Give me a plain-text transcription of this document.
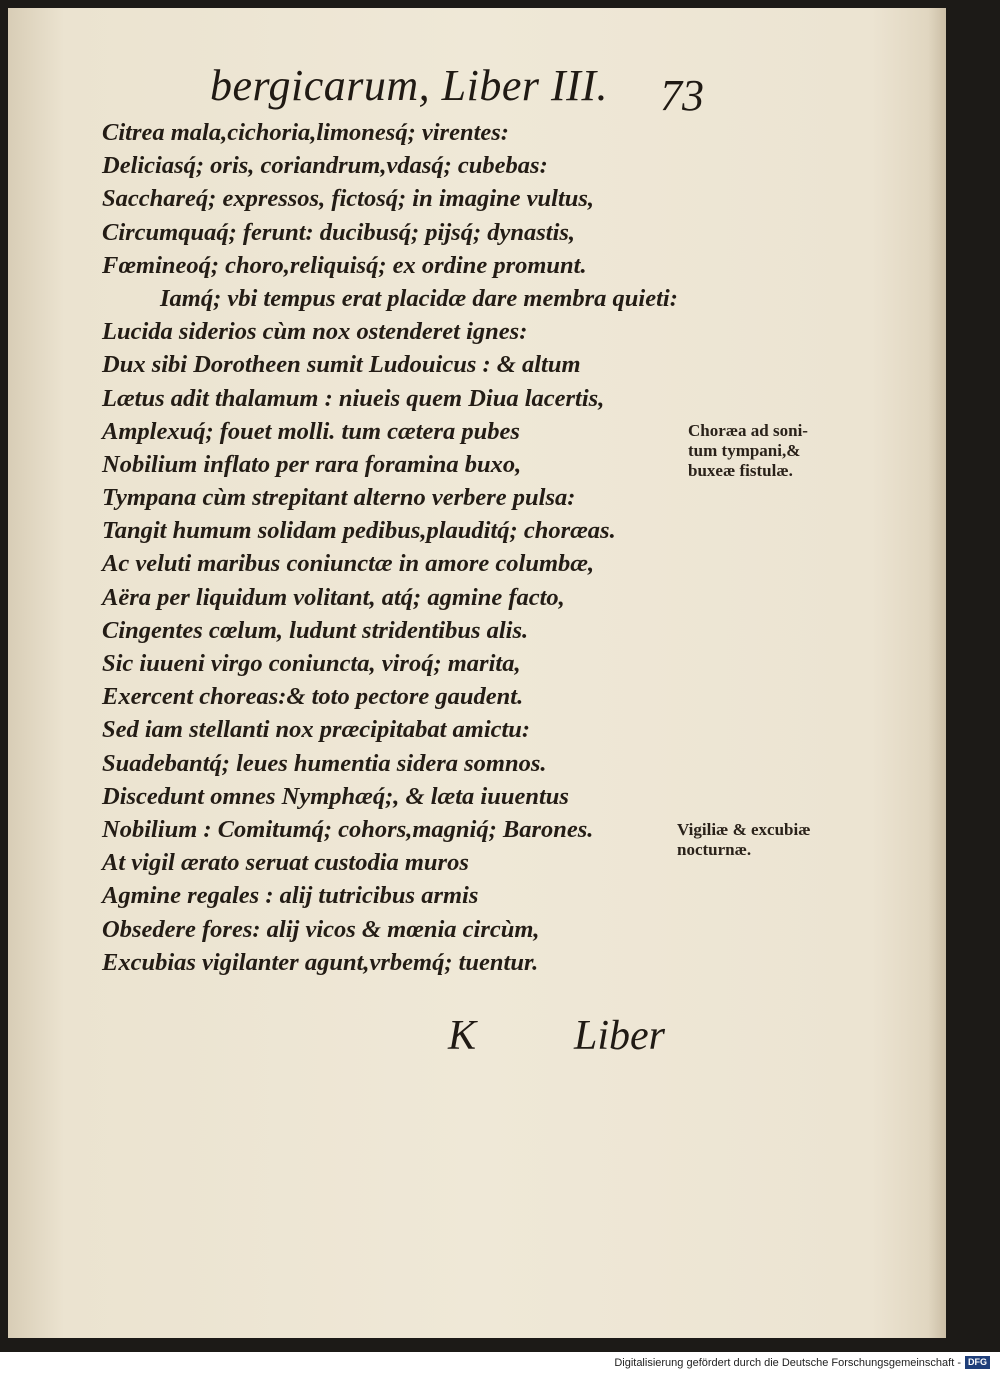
bergicarum, Liber III. 73
Citrea mala,cichoria,limonesq́; virentes:
Deliciasq́; oris, coriandrum,vdasq́; cubebas:
Sacchareq́; expressos, fictosq́; in imagine vultus,
Circumquaq́; ferunt: ducibusq́; pijsq́; dynastis,
Fœmineoq́; choro,reliquisq́; ex ordine promunt.
Iamq́; vbi tempus erat placidæ dare membra quieti:
Lucida siderios cùm nox ostenderet ignes:
Dux sibi Dorotheen sumit Ludouicus : & altum
Lætus adit thalamum : niueis quem Diua lacertis,
Amplexuq́; fouet molli. tum cætera pubes
Nobilium inflato per rara foramina buxo,
Tympana cùm strepitant alterno verbere pulsa:
Tangit humum solidam pedibus,plauditq́; choræas.
Ac veluti maribus coniunctæ in amore columbæ,
Aëra per liquidum volitant, atq́; agmine facto,
Cingentes cœlum, ludunt stridentibus alis.
Sic iuueni virgo coniuncta, viroq́; marita,
Exercent choreas:& toto pectore gaudent.
Sed iam stellanti nox præcipitabat amictu:
Suadebantq́; leues humentia sidera somnos.
Discedunt omnes Nymphæq́;, & læta iuuentus
Nobilium : Comitumq́; cohors,magniq́; Barones.
At vigil ærato seruat custodia muros
Agmine regales : alij tutricibus armis
Obsedere fores: alij vicos & mœnia circùm,
Excubias vigilanter agunt,vrbemq́; tuentur.
Choræa ad soni-
tum tympani,&
buxeæ fistulæ.
Vigiliæ & excubiæ
nocturnæ.
K Liber
Digitalisierung gefördert durch die Deutsche Forschungsgemeinschaft - DFG
